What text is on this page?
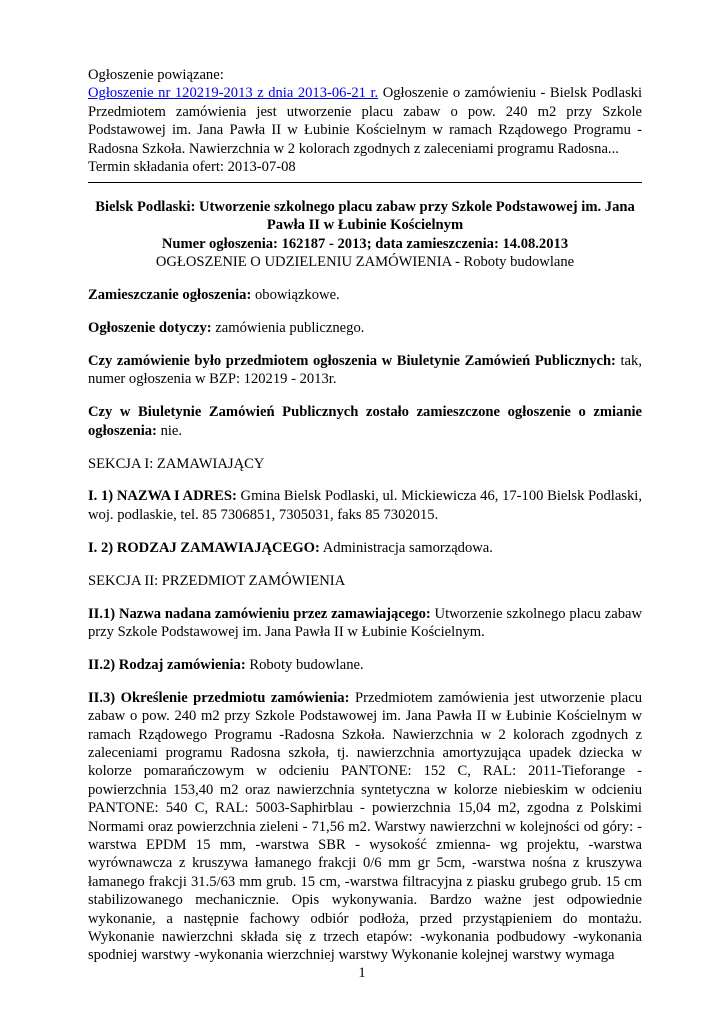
Ogłoszenie powiązane:

Ogłoszenie nr 120219-2013 z dnia 2013-06-21 r. Ogłoszenie o zamówieniu - Bielsk Podlaski Przedmiotem zamówienia jest utworzenie placu zabaw o pow. 240 m2 przy Szkole Podstawowej im. Jana Pawła II w Łubinie Kościelnym w ramach Rządowego Programu - Radosna Szkoła. Nawierzchnia w 2 kolorach zgodnych z zaleceniami programu Radosna...

Termin składania ofert: 2013-07-08

Bielsk Podlaski: Utworzenie szkolnego placu zabaw przy Szkole Podstawowej im. Jana Pawła II w Łubinie Kościelnym

Numer ogłoszenia: 162187 - 2013; data zamieszczenia: 14.08.2013

OGŁOSZENIE O UDZIELENIU ZAMÓWIENIA - Roboty budowlane

Zamieszczanie ogłoszenia: obowiązkowe.

Ogłoszenie dotyczy: zamówienia publicznego.

Czy zamówienie było przedmiotem ogłoszenia w Biuletynie Zamówień Publicznych: tak, numer ogłoszenia w BZP: 120219 - 2013r.

Czy w Biuletynie Zamówień Publicznych zostało zamieszczone ogłoszenie o zmianie ogłoszenia: nie.

SEKCJA I: ZAMAWIAJĄCY

I. 1) NAZWA I ADRES: Gmina Bielsk Podlaski, ul. Mickiewicza 46, 17-100 Bielsk Podlaski, woj. podlaskie, tel. 85 7306851, 7305031, faks 85 7302015.

I. 2) RODZAJ ZAMAWIAJĄCEGO: Administracja samorządowa.

SEKCJA II: PRZEDMIOT ZAMÓWIENIA

II.1) Nazwa nadana zamówieniu przez zamawiającego: Utworzenie szkolnego placu zabaw przy Szkole Podstawowej im. Jana Pawła II w Łubinie Kościelnym.

II.2) Rodzaj zamówienia: Roboty budowlane.

II.3) Określenie przedmiotu zamówienia: Przedmiotem zamówienia jest utworzenie placu zabaw o pow. 240 m2 przy Szkole Podstawowej im. Jana Pawła II w Łubinie Kościelnym w ramach Rządowego Programu -Radosna Szkoła. Nawierzchnia w 2 kolorach zgodnych z zaleceniami programu Radosna szkoła, tj. nawierzchnia amortyzująca upadek dziecka w kolorze pomarańczowym w odcieniu PANTONE: 152 C, RAL: 2011-Tieforange - powierzchnia 153,40 m2 oraz nawierzchnia syntetyczna w kolorze niebieskim w odcieniu PANTONE: 540 C, RAL: 5003-Saphirblau - powierzchnia 15,04 m2, zgodna z Polskimi Normami oraz powierzchnia zieleni - 71,56 m2. Warstwy nawierzchni w kolejności od góry: -warstwa EPDM 15 mm, -warstwa SBR - wysokość zmienna- wg projektu, -warstwa wyrównawcza z kruszywa łamanego frakcji 0/6 mm gr 5cm, -warstwa nośna z kruszywa łamanego frakcji 31.5/63 mm grub. 15 cm, -warstwa filtracyjna z piasku grubego grub. 15 cm stabilizowanego mechanicznie. Opis wykonywania. Bardzo ważne jest odpowiednie wykonanie, a następnie fachowy odbiór podłoża, przed przystąpieniem do montażu. Wykonanie nawierzchni składa się z trzech etapów: -wykonania podbudowy -wykonania spodniej warstwy -wykonania wierzchniej warstwy Wykonanie kolejnej warstwy wymaga

1
